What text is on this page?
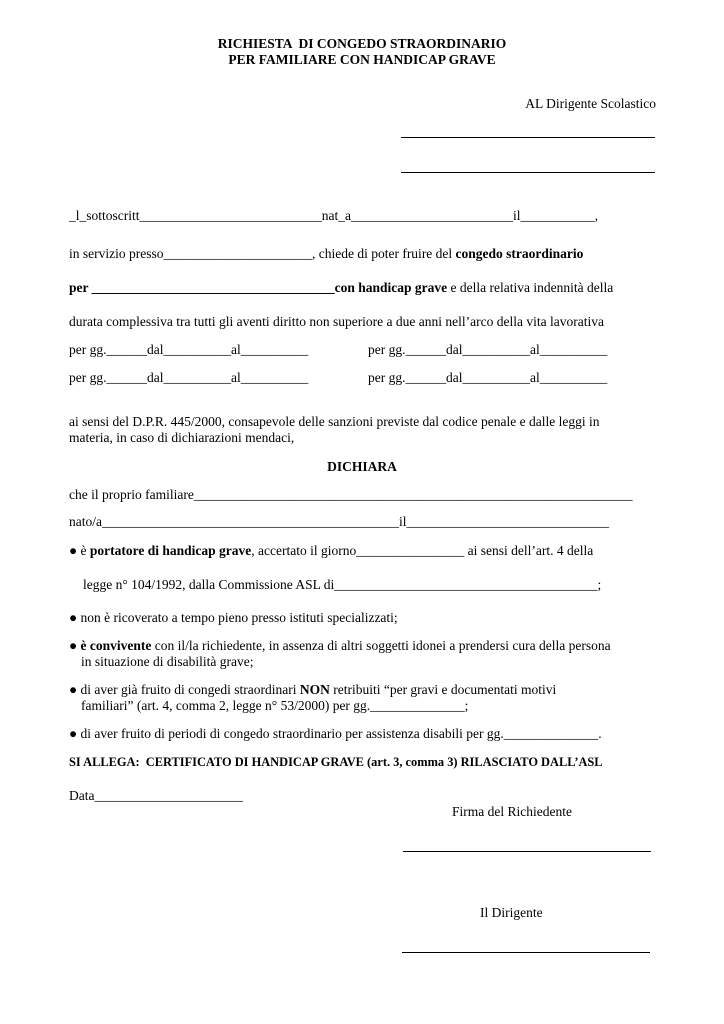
RICHIESTA  DI CONGEDO STRAORDINARIO
PER FAMILIARE CON HANDICAP GRAVE
AL Dirigente Scolastico
_l_sottoscritt___________________________nat_a________________________il___________,
in servizio presso______________________, chiede di poter fruire del congedo straordinario
per ____________________________________con handicap grave e della relativa indennità della
durata complessiva tra tutti gli aventi diritto non superiore a due anni nell’arco della vita lavorativa
per gg.______dal__________al__________	per gg.______dal__________al__________
per gg.______dal__________al__________	per gg.______dal__________al__________
ai sensi del D.P.R. 445/2000, consapevole delle sanzioni previste dal codice penale e dalle leggi in
materia, in caso di dichiarazioni mendaci,
DICHIARA
che il proprio familiare_________________________________________________________________
nato/a____________________________________________il______________________________
● è portatore di handicap grave, accertato il giorno________________ ai sensi dell’art. 4 della
legge n° 104/1992, dalla Commissione ASL di_______________________________________;
● non è ricoverato a tempo pieno presso istituti specializzati;
● è convivente con il/la richiedente, in assenza di altri soggetti idonei a prendersi cura della persona
in situazione di disabilità grave;
● di aver già fruito di congedi straordinari NON retribuiti “per gravi e documentati motivi
familiari” (art. 4, comma 2, legge n° 53/2000) per gg.______________;
● di aver fruito di periodi di congedo straordinario per assistenza disabili per gg.______________.
SI ALLEGA:  CERTIFICATO DI HANDICAP GRAVE (art. 3, comma 3) RILASCIATO DALL’ASL
Data______________________
Firma del Richiedente
Il Dirigente
